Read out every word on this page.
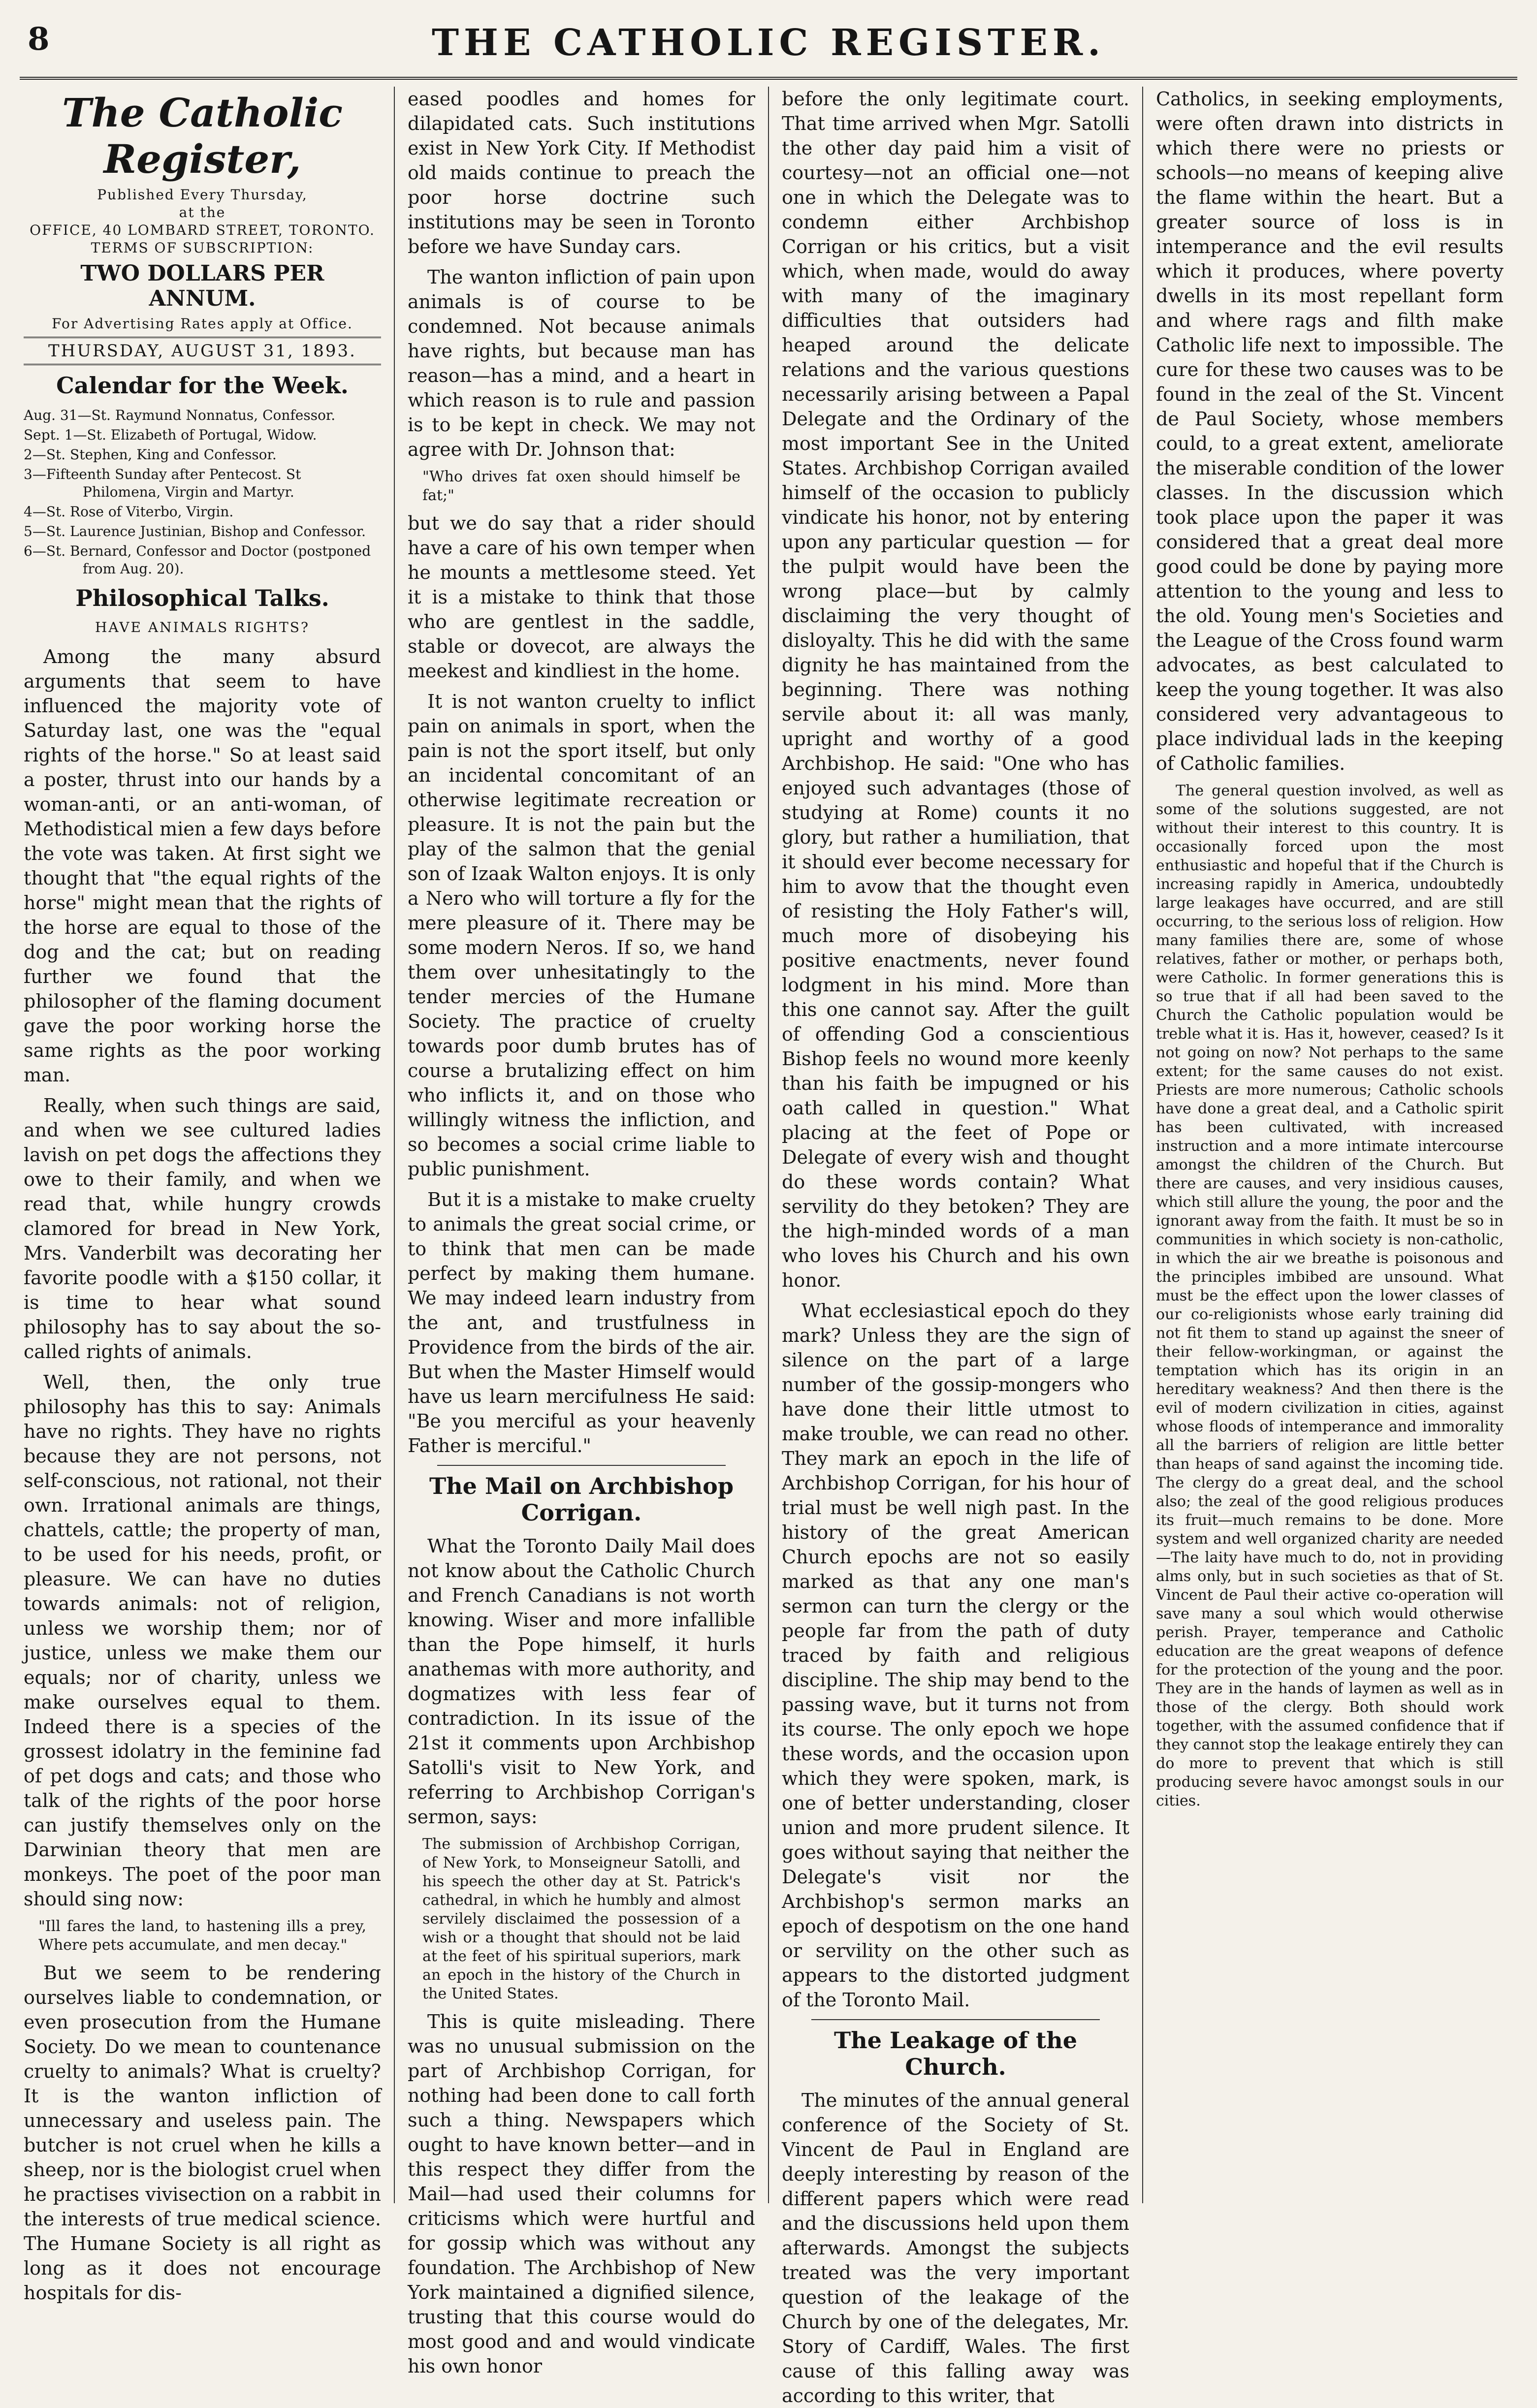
8	THE CATHOLIC REGISTER.
The Catholic Register,
Published Every Thursday,
at the
OFFICE, 40 LOMBARD STREET, TORONTO.
TERMS OF SUBSCRIPTION:
TWO DOLLARS PER ANNUM.
For Advertising Rates apply at Office.
THURSDAY, AUGUST 31, 1893.
Calendar for the Week.
Aug. 31—St. Raymund Nonnatus, Confessor.
Sept. 1—St. Elizabeth of Portugal, Widow.
2—St. Stephen, King and Confessor.
3—Fifteenth Sunday after Pentecost. St Philomena, Virgin and Martyr.
4—St. Rose of Viterbo, Virgin.
5—St. Laurence Justinian, Bishop and Confessor.
6—St. Bernard, Confessor and Doctor (postponed from Aug. 20).
Philosophical Talks.
HAVE ANIMALS RIGHTS?

Among the many absurd arguments that seem to have influenced the majority vote of Saturday last, one was the "equal rights of the horse." So at least said a poster, thrust into our hands by a woman-anti, or an anti-woman, of Methodistical mien a few days before the vote was taken. At first sight we thought that "the equal rights of the horse" might mean that the rights of the horse are equal to those of the dog and the cat; but on reading further we found that the philosopher of the flaming document gave the poor working horse the same rights as the poor working man.

Really, when such things are said, and when we see cultured ladies lavish on pet dogs the affections they owe to their family, and when we read that, while hungry crowds clamored for bread in New York, Mrs. Vanderbilt was decorating her favorite poodle with a $150 collar, it is time to hear what sound philosophy has to say about the so-called rights of animals.

Well, then, the only true philosophy has this to say: Animals have no rights. They have no rights because they are not persons, not self-conscious, not rational, not their own. Irrational animals are things, chattels, cattle; the property of man, to be used for his needs, profit, or pleasure. We can have no duties towards animals: not of religion, unless we worship them; nor of justice, unless we make them our equals; nor of charity, unless we make ourselves equal to them. Indeed there is a species of the grossest idolatry in the feminine fad of pet dogs and cats; and those who talk of the rights of the poor horse can justify themselves only on the Darwinian theory that men are monkeys. The poet of the poor man should sing now:

"Ill fares the land, to hastening ills a prey, Where pets accumulate, and men decay."

But we seem to be rendering ourselves liable to condemnation, or even prosecution from the Humane Society. Do we mean to countenance cruelty to animals? What is cruelty? It is the wanton infliction of unnecessary and useless pain. The butcher is not cruel when he kills a sheep, nor is the biologist cruel when he practises vivisection on a rabbit in the interests of true medical science. The Humane Society is all right as long as it does not encourage hospitals for dis-

eased poodles and homes for dilapidated cats. Such institutions exist in New York City. If Methodist old maids continue to preach the poor horse doctrine such institutions may be seen in Toronto before we have Sunday cars.

The wanton infliction of pain upon animals is of course to be condemned. Not because animals have rights, but because man has reason—has a mind, and a heart in which reason is to rule and passion is to be kept in check. We may not agree with Dr. Johnson that:

"Who drives fat oxen should himself be fat;"

but we do say that a rider should have a care of his own temper when he mounts a mettlesome steed. Yet it is a mistake to think that those who are gentlest in the saddle, stable or dovecot, are always the meekest and kindliest in the home.

It is not wanton cruelty to inflict pain on animals in sport, when the pain is not the sport itself, but only an incidental concomitant of an otherwise legitimate recreation or pleasure. It is not the pain but the play of the salmon that the genial son of Izaak Walton enjoys. It is only a Nero who will torture a fly for the mere pleasure of it. There may be some modern Neros. If so, we hand them over unhesitatingly to the tender mercies of the Humane Society. The practice of cruelty towards poor dumb brutes has of course a brutalizing effect on him who inflicts it, and on those who willingly witness the infliction, and so becomes a social crime liable to public punishment.

But it is a mistake to make cruelty to animals the great social crime, or to think that men can be made perfect by making them humane. We may indeed learn industry from the ant, and trustfulness in Providence from the birds of the air. But when the Master Himself would have us learn mercifulness He said: "Be you merciful as your heavenly Father is merciful."

The Mail on Archbishop Corrigan.

What the Toronto Daily Mail does not know about the Catholic Church and French Canadians is not worth knowing. Wiser and more infallible than the Pope himself, it hurls anathemas with more authority, and dogmatizes with less fear of contradiction. In its issue of the 21st it comments upon Archbishop Satolli's visit to New York, and referring to Archbishop Corrigan's sermon, says:

The submission of Archbishop Corrigan, of New York, to Monseigneur Satolli, and his speech the other day at St. Patrick's cathedral, in which he humbly and almost servilely disclaimed the possession of a wish or a thought that should not be laid at the feet of his spiritual superiors, mark an epoch in the history of the Church in the United States.

This is quite misleading. There was no unusual submission on the part of Archbishop Corrigan, for nothing had been done to call forth such a thing. Newspapers which ought to have known better—and in this respect they differ from the Mail—had used their columns for criticisms which were hurtful and for gossip which was without any foundation. The Archbishop of New York maintained a dignified silence, trusting that this course would do most good and and would vindicate his own honor

before the only legitimate court. That time arrived when Mgr. Satolli the other day paid him a visit of courtesy—not an official one—not one in which the Delegate was to condemn either Archbishop Corrigan or his critics, but a visit which, when made, would do away with many of the imaginary difficulties that outsiders had heaped around the delicate relations and the various questions necessarily arising between a Papal Delegate and the Ordinary of the most important See in the United States. Archbishop Corrigan availed himself of the occasion to publicly vindicate his honor, not by entering upon any particular question — for the pulpit would have been the wrong place—but by calmly disclaiming the very thought of disloyalty. This he did with the same dignity he has maintained from the beginning. There was nothing servile about it: all was manly, upright and worthy of a good Archbishop. He said: "One who has enjoyed such advantages (those of studying at Rome) counts it no glory, but rather a humiliation, that it should ever become necessary for him to avow that the thought even of resisting the Holy Father's will, much more of disobeying his positive enactments, never found lodgment in his mind. More than this one cannot say. After the guilt of offending God a conscientious Bishop feels no wound more keenly than his faith be impugned or his oath called in question." What placing at the feet of Pope or Delegate of every wish and thought do these words contain? What servility do they betoken? They are the high-minded words of a man who loves his Church and his own honor.

What ecclesiastical epoch do they mark? Unless they are the sign of silence on the part of a large number of the gossip-mongers who have done their little utmost to make trouble, we can read no other. They mark an epoch in the life of Archbishop Corrigan, for his hour of trial must be well nigh past. In the history of the great American Church epochs are not so easily marked as that any one man's sermon can turn the clergy or the people far from the path of duty traced by faith and religious discipline. The ship may bend to the passing wave, but it turns not from its course. The only epoch we hope these words, and the occasion upon which they were spoken, mark, is one of better understanding, closer union and more prudent silence. It goes without saying that neither the Delegate's visit nor the Archbishop's sermon marks an epoch of despotism on the one hand or servility on the other such as appears to the distorted judgment of the Toronto Mail.

The Leakage of the Church.

The minutes of the annual general conference of the Society of St. Vincent de Paul in England are deeply interesting by reason of the different papers which were read and the discussions held upon them afterwards. Amongst the subjects treated was the very important question of the leakage of the Church by one of the delegates, Mr. Story of Cardiff, Wales. The first cause of this falling away was according to this writer, that

Catholics, in seeking employments, were often drawn into districts in which there were no priests or schools—no means of keeping alive the flame within the heart. But a greater source of loss is in intemperance and the evil results which it produces, where poverty dwells in its most repellant form and where rags and filth make Catholic life next to impossible. The cure for these two causes was to be found in the zeal of the St. Vincent de Paul Society, whose members could, to a great extent, ameliorate the miserable condition of the lower classes. In the discussion which took place upon the paper it was considered that a great deal more good could be done by paying more attention to the young and less to the old. Young men's Societies and the League of the Cross found warm advocates, as best calculated to keep the young together. It was also considered very advantageous to place individual lads in the keeping of Catholic families.

The general question involved, as well as some of the solutions suggested, are not without their interest to this country. It is occasionally forced upon the most enthusiastic and hopeful that if the Church is increasing rapidly in America, undoubtedly large leakages have occurred, and are still occurring, to the serious loss of religion. How many families there are, some of whose relatives, father or mother, or perhaps both, were Catholic. In former generations this is so true that if all had been saved to the Church the Catholic population would be treble what it is. Has it, however, ceased? Is it not going on now? Not perhaps to the same extent; for the same causes do not exist. Priests are more numerous; Catholic schools have done a great deal, and a Catholic spirit has been cultivated, with increased instruction and a more intimate intercourse amongst the children of the Church. But there are causes, and very insidious causes, which still allure the young, the poor and the ignorant away from the faith. It must be so in communities in which society is non-catholic, in which the air we breathe is poisonous and the principles imbibed are unsound. What must be the effect upon the lower classes of our co-religionists whose early training did not fit them to stand up against the sneer of their fellow-workingman, or against the temptation which has its origin in an hereditary weakness? And then there is the evil of modern civilization in cities, against whose floods of intemperance and immorality all the barriers of religion are little better than heaps of sand against the incoming tide. The clergy do a great deal, and the school also; the zeal of the good religious produces its fruit—much remains to be done. More system and well organized charity are needed—The laity have much to do, not in providing alms only, but in such societies as that of St. Vincent de Paul their active co-operation will save many a soul which would otherwise perish. Prayer, temperance and Catholic education are the great weapons of defence for the protection of the young and the poor. They are in the hands of laymen as well as in those of the clergy. Both should work together, with the assumed confidence that if they cannot stop the leakage entirely they can do more to prevent that which is still producing severe havoc amongst souls in our cities.
